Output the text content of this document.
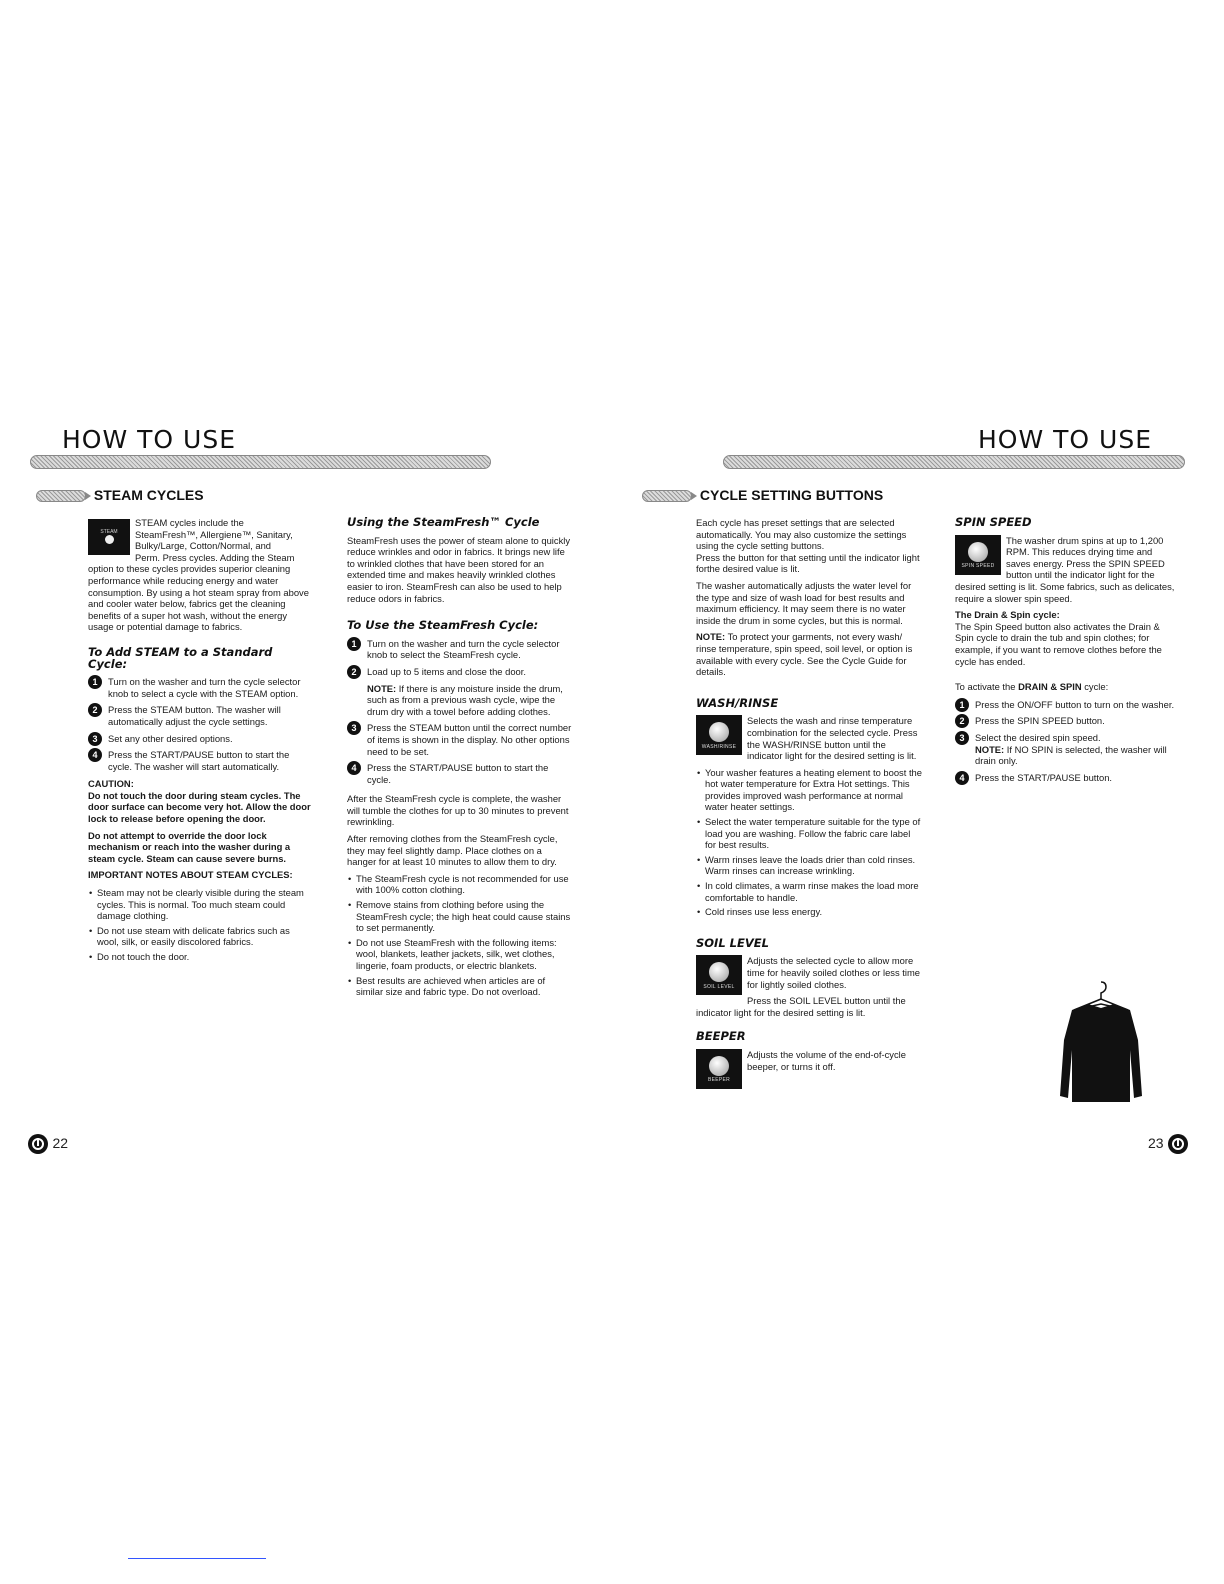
HOW TO USE
STEAM CYCLES
STEAM
STEAM cycles include the
SteamFresh™, Allergiene™, Sanitary,
Bulky/Large, Cotton/Normal, and
Perm. Press cycles. Adding the Steam

option to these cycles provides superior cleaning performance while reducing energy and water consumption. By using a hot steam spray from above and cooler water below, fabrics get the cleaning benefits of a super hot wash, without the energy usage or potential damage to fabrics.

To Add STEAM to a Standard Cycle:
1	Turn on the washer and turn the cycle selector knob to select a cycle with the STEAM option.
2	Press the STEAM button. The washer will automatically adjust the cycle settings.
3	Set any other desired options.
4	Press the START/PAUSE button to start the cycle. The washer will start automatically.
CAUTION:

Do not touch the door during steam cycles. The door surface can become very hot. Allow the door lock to release before opening the door.

Do not attempt to override the door lock mechanism or reach into the washer during a steam cycle. Steam can cause severe burns.

IMPORTANT NOTES ABOUT STEAM CYCLES:
• Steam may not be clearly visible during the steam cycles. This is normal. Too much steam could damage clothing.
• Do not use steam with delicate fabrics such as wool, silk, or easily discolored fabrics.
• Do not touch the door.
Using the SteamFresh™ Cycle

SteamFresh uses the power of steam alone to quickly reduce wrinkles and odor in fabrics. It brings new life to wrinkled clothes that have been stored for an extended time and makes heavily wrinkled clothes easier to iron. SteamFresh can also be used to help reduce odors in fabrics.

To Use the SteamFresh Cycle:
1	Turn on the washer and turn the cycle selector knob to select the SteamFresh cycle.
2	Load up to 5 items and close the door.
NOTE: If there is any moisture inside the drum, such as from a previous wash cycle, wipe the drum dry with a towel before adding clothes.
3	Press the STEAM button until the correct number of items is shown in the display. No other options need to be set.
4	Press the START/PAUSE button to start the cycle.

After the SteamFresh cycle is complete, the washer will tumble the clothes for up to 30 minutes to prevent rewrinkling.

After removing clothes from the SteamFresh cycle, they may feel slightly damp. Place clothes on a hanger for at least 10 minutes to allow them to dry.

• The SteamFresh cycle is not recommended for use with 100% cotton clothing.
• Remove stains from clothing before using the SteamFresh cycle; the high heat could cause stains to set permanently.
• Do not use SteamFresh with the following items: wool, blankets, leather jackets, silk, wet clothes, lingerie, foam products, or electric blankets.
• Best results are achieved when articles are of similar size and fabric type. Do not overload.
22
HOW TO USE
CYCLE SETTING BUTTONS

Each cycle has preset settings that are selected automatically. You may also customize the settings using the cycle setting buttons.

Press the button for that setting until the indicator light forthe desired value is lit.

The washer automatically adjusts the water level for the type and size of wash load for best results and maximum efficiency. It may seem there is no water inside the drum in some cycles, but this is normal.

NOTE: To protect your garments, not every wash/ rinse temperature, spin speed, soil level, or option is available with every cycle. See the Cycle Guide for details.

WASH/RINSE
WASH/RINSE

Selects the wash and rinse temperature combination for the selected cycle. Press the WASH/RINSE button until the indicator light for the desired setting is lit.

• Your washer features a heating element to boost the hot water temperature for Extra Hot settings. This provides improved wash performance at normal water heater settings.
• Select the water temperature suitable for the type of load you are washing. Follow the fabric care label for best results.
• Warm rinses leave the loads drier than cold rinses. Warm rinses can increase wrinkling.
• In cold climates, a warm rinse makes the load more comfortable to handle.
• Cold rinses use less energy.
SOIL LEVEL
SOIL LEVEL

Adjusts the selected cycle to allow more time for heavily soiled clothes or less time for lightly soiled clothes.

Press the SOIL LEVEL button until the indicator light for the desired setting is lit.

BEEPER
BEEPER

Adjusts the volume of the end-of-cycle beeper, or turns it off.

SPIN SPEED
SPIN SPEED

The washer drum spins at up to 1,200 RPM. This reduces drying time and saves energy. Press the SPIN SPEED button until the indicator light for the desired setting is lit. Some fabrics, such as delicates, require a slower spin speed.

The Drain & Spin cycle:

The Spin Speed button also activates the Drain & Spin cycle to drain the tub and spin clothes; for example, if you want to remove clothes before the cycle has ended.

To activate the DRAIN & SPIN cycle:

1	Press the ON/OFF button to turn on the washer.
2	Press the SPIN SPEED button.
3	Select the desired spin speed.
NOTE: If NO SPIN is selected, the washer will drain only.
4	Press the START/PAUSE button.
23
